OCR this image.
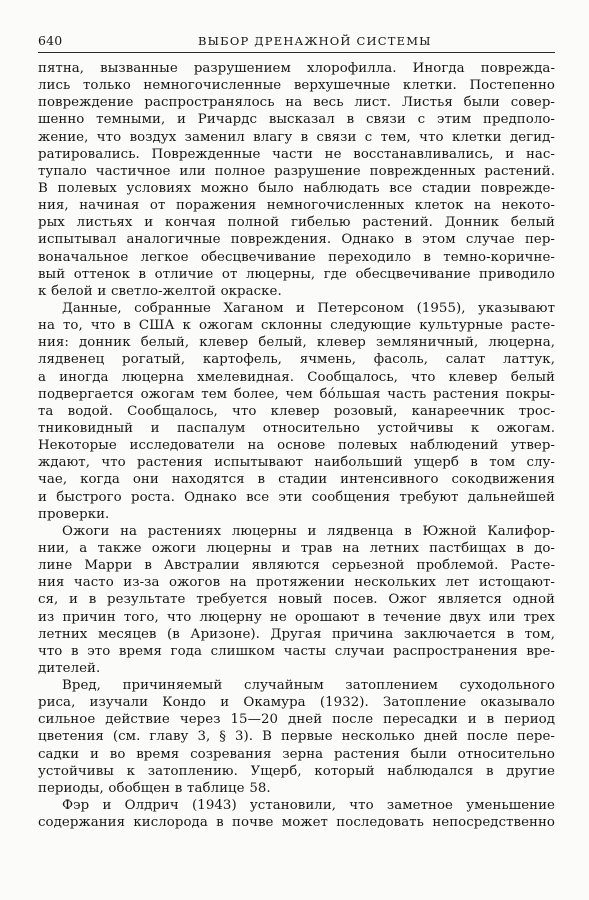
640	ВЫБОР ДРЕНАЖНОЙ СИСТЕМЫ
пятна, вызванные разрушением хлорофилла. Иногда поврежда-
лись только немногочисленные верхушечные клетки. Постепенно
повреждение распространялось на весь лист. Листья были совер-
шенно темными, и Ричардс высказал в связи с этим предполо-
жение, что воздух заменил влагу в связи с тем, что клетки дегид-
ратировались. Поврежденные части не восстанавливались, и нас-
тупало частичное или полное разрушение поврежденных растений.
В полевых условиях можно было наблюдать все стадии поврежде-
ния, начиная от поражения немногочисленных клеток на некото-
рых листьях и кончая полной гибелью растений. Донник белый
испытывал аналогичные повреждения. Однако в этом случае пер-
воначальное легкое обесцвечивание переходило в темно-коричне-
вый оттенок в отличие от люцерны, где обесцвечивание приводило
к белой и светло-желтой окраске.
Данные, собранные Хаганом и Петерсоном (1955), указывают
на то, что в США к ожогам склонны следующие культурные расте-
ния: донник белый, клевер белый, клевер земляничный, люцерна,
лядвенец рогатый, картофель, ячмень, фасоль, салат латтук,
а иногда люцерна хмелевидная. Сообщалось, что клевер белый
подвергается ожогам тем более, чем бóльшая часть растения покры-
та водой. Сообщалось, что клевер розовый, канареечник трос-
тниковидный и паспалум относительно устойчивы к ожогам.
Некоторые исследователи на основе полевых наблюдений утвер-
ждают, что растения испытывают наибольший ущерб в том слу-
чае, когда они находятся в стадии интенсивного сокодвижения
и быстрого роста. Однако все эти сообщения требуют дальнейшей
проверки.
Ожоги на растениях люцерны и лядвенца в Южной Калифор-
нии, а также ожоги люцерны и трав на летних пастбищах в до-
лине Марри в Австралии являются серьезной проблемой. Расте-
ния часто из-за ожогов на протяжении нескольких лет истощают-
ся, и в результате требуется новый посев. Ожог является одной
из причин того, что люцерну не орошают в течение двух или трех
летних месяцев (в Аризоне). Другая причина заключается в том,
что в это время года слишком часты случаи распространения вре-
дителей.
Вред, причиняемый случайным затоплением суходольного
риса, изучали Кондо и Окамура (1932). Затопление оказывало
сильное действие через 15—20 дней после пересадки и в период
цветения (см. главу 3, § 3). В первые несколько дней после пере-
садки и во время созревания зерна растения были относительно
устойчивы к затоплению. Ущерб, который наблюдался в другие
периоды, обобщен в таблице 58.
Фэр и Олдрич (1943) установили, что заметное уменьшение
содержания кислорода в почве может последовать непосредственно
